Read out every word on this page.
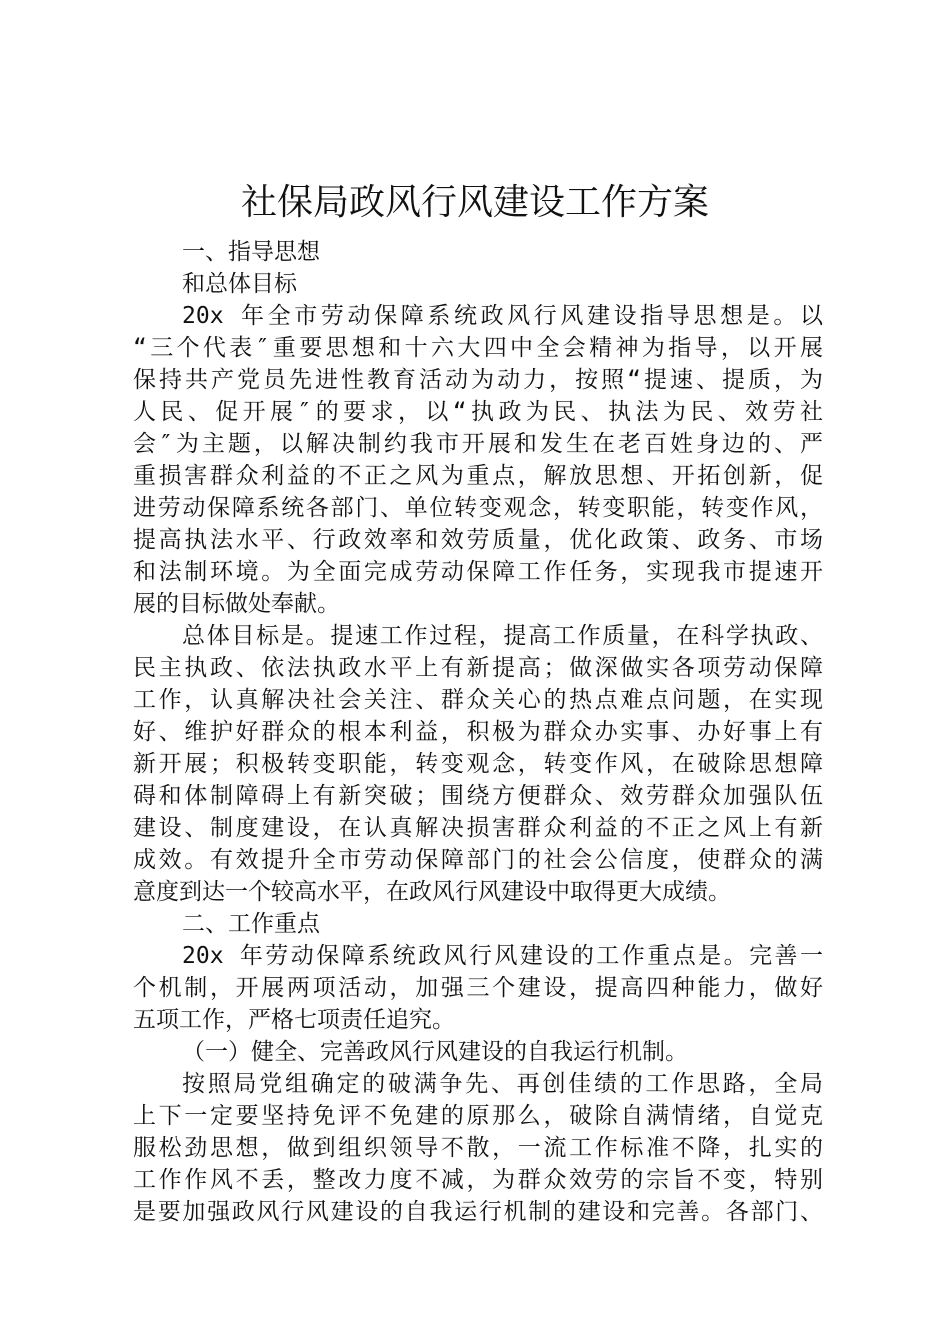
社保局政风行风建设工作方案

一、指导思想

和总体目标

20x 年全市劳动保障系统政风行风建设指导思想是。以

“三个代表″重要思想和十六大四中全会精神为指导，以开展

保持共产党员先进性教育活动为动力，按照“提速、提质，为

人民、促开展″的要求，以“执政为民、执法为民、效劳社

会″为主题，以解决制约我市开展和发生在老百姓身边的、严

重损害群众利益的不正之风为重点，解放思想、开拓创新，促

进劳动保障系统各部门、单位转变观念，转变职能，转变作风，

提高执法水平、行政效率和效劳质量，优化政策、政务、市场

和法制环境。为全面完成劳动保障工作任务，实现我市提速开

展的目标做处奉献。

总体目标是。提速工作过程，提高工作质量，在科学执政、

民主执政、依法执政水平上有新提高；做深做实各项劳动保障

工作，认真解决社会关注、群众关心的热点难点问题，在实现

好、维护好群众的根本利益，积极为群众办实事、办好事上有

新开展；积极转变职能，转变观念，转变作风，在破除思想障

碍和体制障碍上有新突破；围绕方便群众、效劳群众加强队伍

建设、制度建设，在认真解决损害群众利益的不正之风上有新

成效。有效提升全市劳动保障部门的社会公信度，使群众的满

意度到达一个较高水平，在政风行风建设中取得更大成绩。

二、工作重点

20x 年劳动保障系统政风行风建设的工作重点是。完善一

个机制，开展两项活动，加强三个建设，提高四种能力，做好

五项工作，严格七项责任追究。

（一）健全、完善政风行风建设的自我运行机制。

按照局党组确定的破满争先、再创佳绩的工作思路，全局

上下一定要坚持免评不免建的原那么，破除自满情绪，自觉克

服松劲思想，做到组织领导不散，一流工作标准不降，扎实的

工作作风不丢，整改力度不减，为群众效劳的宗旨不变，特别

是要加强政风行风建设的自我运行机制的建设和完善。各部门、
